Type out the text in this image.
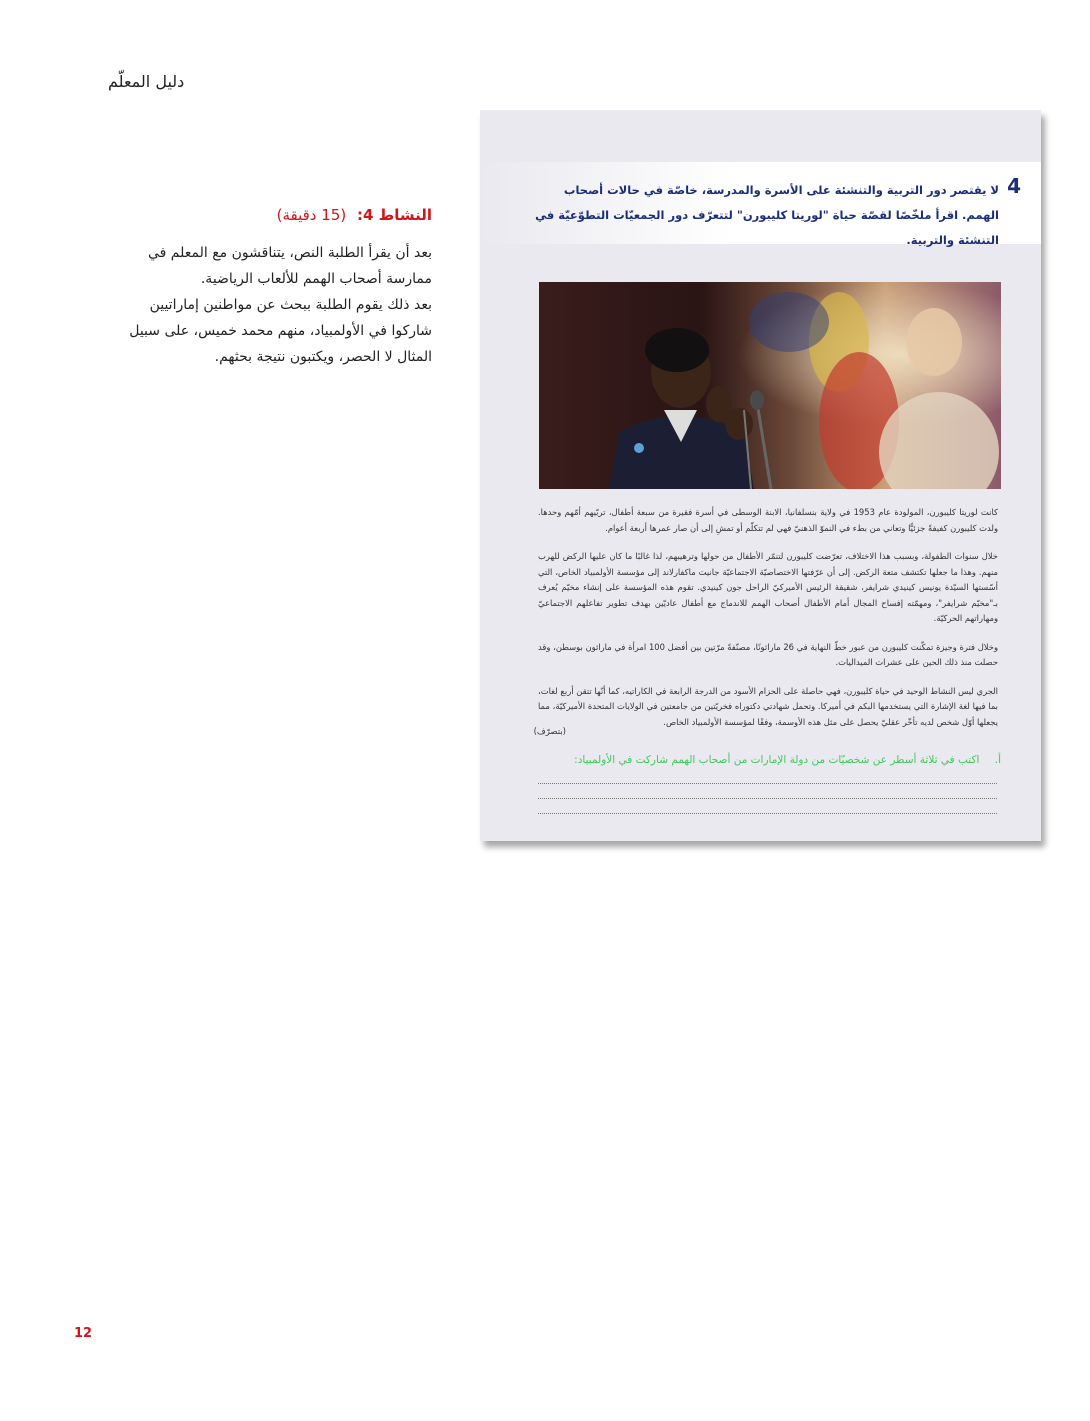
دليل المعلّم
النشاط 4: (15 دقيقة)

بعد أن يقرأ الطلبة النص، يتناقشون مع المعلم في ممارسة أصحاب الهمم للألعاب الرياضية.

بعد ذلك يقوم الطلبة ببحث عن مواطنين إماراتيين شاركوا في الأولمبياد، منهم محمد خميس، على سبيل المثال لا الحصر، ويكتبون نتيجة بحثهم.

4
لا يقتصر دور التربية والتنشئة على الأسرة والمدرسة، خاصّة في حالات أصحاب الهمم. اقرأ ملخّصًا لقصّة حياة "لوريتا كليبورن" لتتعرّف دور الجمعيّات التطوّعيّة في التنشئة والتربية.

كانت لوريتا كليبورن، المولودة عام 1953 في ولاية بنسلفانيا، الابنة الوسطى في أسرة فقيرة من سبعة أطفال، تربّيهم أمّهم وحدها. ولدت كليبورن كفيفةً جزئيًّا وتعاني من بطء في النموّ الذهنيّ فهي لم تتكلّم أو تمشِ إلى أن صار عمرها أربعة أعوام.

خلال سنوات الطفولة، وبسبب هذا الاختلاف، تعرّضت كليبورن لتنمّر الأطفال من حولها وترهيبهم، لذا غالبًا ما كان عليها الركض للهرب منهم. وهذا ما جعلها تكتشف متعة الركض. إلى أن عرّفتها الاختصاصيّة الاجتماعيّة جانيت ماكفارلاند إلى مؤسسة الأولمبياد الخاص، التي أسّستها السيّدة يونيس كينيدي شرايفر، شقيقة الرئيس الأميركيّ الراحل جون كينيدي. تقوم هذه المؤسسة على إنشاء مخيّم يُعرف بـ"مخيّم شرايفر"، ومهمّته إفساح المجال أمام الأطفال أصحاب الهمم للاندماج مع أطفال عاديّين بهدف تطوير تفاعلهم الاجتماعيّ ومهاراتهم الحركيّة.

وخلال فترة وجيزة تمكّنت كليبورن من عبور خطّ النهاية في 26 ماراثونًا، مصنّفةً مرّتين بين أفضل 100 امرأة في ماراثون بوسطن، وقد حصلت منذ ذلك الحين على عشرات الميداليات.

الجري ليس النشاط الوحيد في حياة كليبورن، فهي حاصلة على الحزام الأسود من الدرجة الرابعة في الكاراتيه، كما أنّها تتقن أربع لغات، بما فيها لغة الإشارة التي يستخدمها البكم في أميركا. وتحمل شهادتي دكتوراه فخريّتين من جامعتين في الولايات المتحدة الأميركيّة، مما يجعلها أوّل شخص لديه تأخّر عقليّ يحصل على مثل هذه الأوسمة، وفقًا لمؤسسة الأولمبياد الخاص.

(بتصرّف)
أ. اكتب في ثلاثة أسطر عن شخصيّات من دولة الإمارات من أصحاب الهمم شاركت في الأولمبياد:
12
